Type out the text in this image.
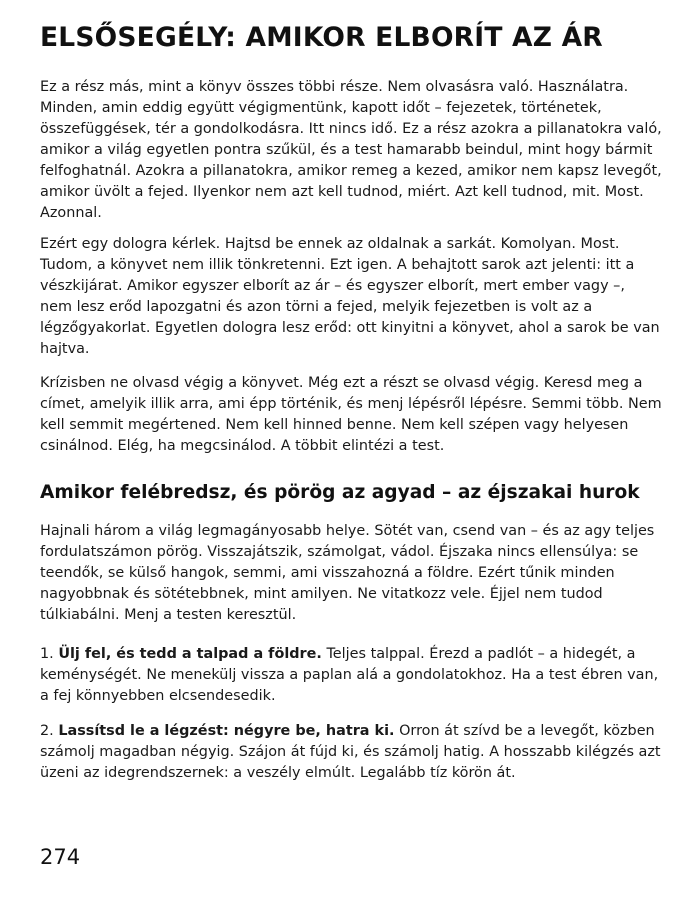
ELSŐSEGÉLY: AMIKOR ELBORÍT AZ ÁR
Ez a rész más, mint a könyv összes többi része. Nem olvasásra való. Használatra.
Minden, amin eddig együtt végigmentünk, kapott időt – fejezetek, történetek,
összefüggések, tér a gondolkodásra. Itt nincs idő. Ez a rész azokra a pillanatokra való,
amikor a világ egyetlen pontra szűkül, és a test hamarabb beindul, mint hogy bármit
felfoghatnál. Azokra a pillanatokra, amikor remeg a kezed, amikor nem kapsz levegőt,
amikor üvölt a fejed. Ilyenkor nem azt kell tudnod, miért. Azt kell tudnod, mit. Most.
Azonnal.
Ezért egy dologra kérlek. Hajtsd be ennek az oldalnak a sarkát. Komolyan. Most.
Tudom, a könyvet nem illik tönkretenni. Ezt igen. A behajtott sarok azt jelenti: itt a
vészkijárat. Amikor egyszer elborít az ár – és egyszer elborít, mert ember vagy –,
nem lesz erőd lapozgatni és azon törni a fejed, melyik fejezetben is volt az a
légzőgyakorlat. Egyetlen dologra lesz erőd: ott kinyitni a könyvet, ahol a sarok be van
hajtva.
Krízisben ne olvasd végig a könyvet. Még ezt a részt se olvasd végig. Keresd meg a
címet, amelyik illik arra, ami épp történik, és menj lépésről lépésre. Semmi több. Nem
kell semmit megértened. Nem kell hinned benne. Nem kell szépen vagy helyesen
csinálnod. Elég, ha megcsinálod. A többit elintézi a test.
Amikor felébredsz, és pörög az agyad – az éjszakai hurok
Hajnali három a világ legmagányosabb helye. Sötét van, csend van – és az agy teljes
fordulatszámon pörög. Visszajátszik, számolgat, vádol. Éjszaka nincs ellensúlya: se
teendők, se külső hangok, semmi, ami visszahozná a földre. Ezért tűnik minden
nagyobbnak és sötétebbnek, mint amilyen. Ne vitatkozz vele. Éjjel nem tudod
túlkiabálni. Menj a testen keresztül.
1. Ülj fel, és tedd a talpad a földre. Teljes talppal. Érezd a padlót – a hidegét, a
keménységét. Ne menekülj vissza a paplan alá a gondolatokhoz. Ha a test ébren van,
a fej könnyebben elcsendesedik.
2. Lassítsd le a légzést: négyre be, hatra ki. Orron át szívd be a levegőt, közben
számolj magadban négyig. Szájon át fújd ki, és számolj hatig. A hosszabb kilégzés azt
üzeni az idegrendszernek: a veszély elmúlt. Legalább tíz körön át.
274
